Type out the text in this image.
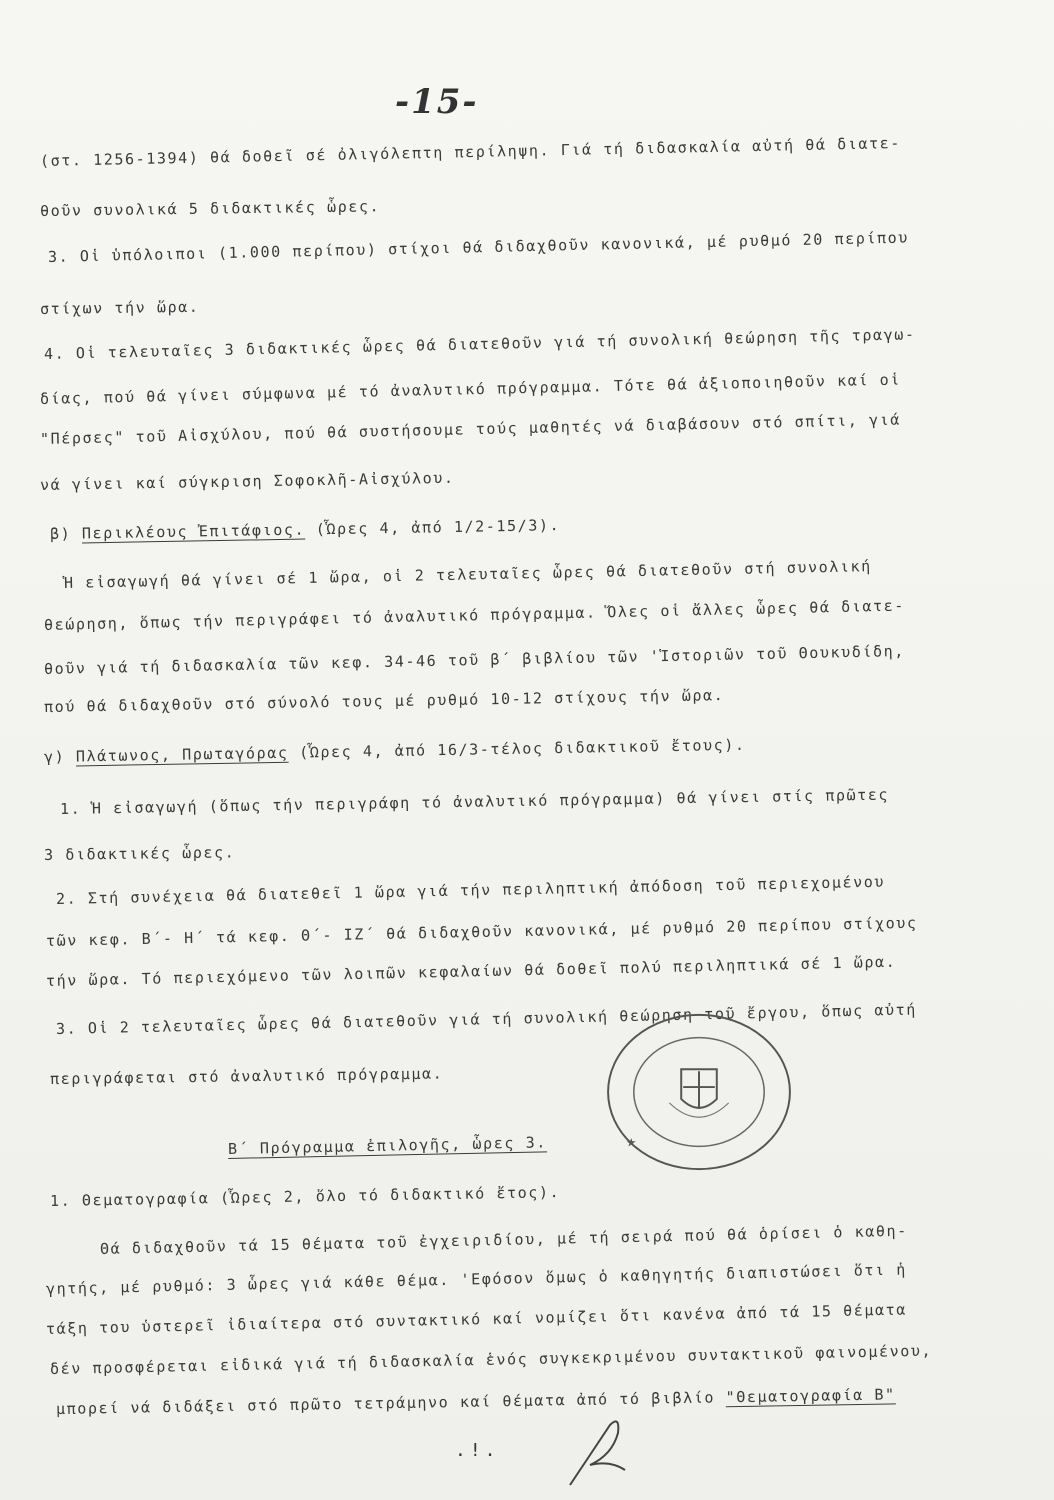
-15-
(στ. 1256-1394) θά δοθεῖ σέ ὀλιγόλεπτη περίληψη. Γιά τή διδασκαλία αὐτή θά διατε-
θοῦν συνολικά 5 διδακτικές ὧρες.
3. Οἱ ὑπόλοιποι (1.000 περίπου) στίχοι θά διδαχθοῦν κανονικά, μέ ρυθμό 20 περίπου
στίχων τήν ὥρα.
4. Οἱ τελευταῖες 3 διδακτικές ὧρες θά διατεθοῦν γιά τή συνολική θεώρηση τῆς τραγω-
δίας, πού θά γίνει σύμφωνα μέ τό ἀναλυτικό πρόγραμμα. Τότε θά ἀξιοποιηθοῦν καί οἱ
"Πέρσες" τοῦ Αἰσχύλου, πού θά συστήσουμε τούς μαθητές νά διαβάσουν στό σπίτι, γιά
νά γίνει καί σύγκριση Σοφοκλῆ-Αἰσχύλου.
β) Περικλέους Ἐπιτάφιος. (Ὧρες 4, ἀπό 1/2-15/3).
Ἡ εἰσαγωγή θά γίνει σέ 1 ὥρα, οἱ 2 τελευταῖες ὧρες θά διατεθοῦν στή συνολική
θεώρηση, ὅπως τήν περιγράφει τό ἀναλυτικό πρόγραμμα. Ὅλες οἱ ἄλλες ὧρες θά διατε-
θοῦν γιά τή διδασκαλία τῶν κεφ. 34-46 τοῦ β΄ βιβλίου τῶν 'Ἱστοριῶν τοῦ Θουκυδίδη,
πού θά διδαχθοῦν στό σύνολό τους μέ ρυθμό 10-12 στίχους τήν ὥρα.
γ) Πλάτωνος, Πρωταγόρας (Ὧρες 4, ἀπό 16/3-τέλος διδακτικοῦ ἔτους).
1. Ἡ εἰσαγωγή (ὅπως τήν περιγράφη τό ἀναλυτικό πρόγραμμα) θά γίνει στίς πρῶτες
3 διδακτικές ὧρες.
2. Στή συνέχεια θά διατεθεῖ 1 ὥρα γιά τήν περιληπτική ἀπόδοση τοῦ περιεχομένου
τῶν κεφ. Β΄- Η΄ τά κεφ. Θ΄- ΙΖ΄ θά διδαχθοῦν κανονικά, μέ ρυθμό 20 περίπου στίχους
τήν ὥρα. Τό περιεχόμενο τῶν λοιπῶν κεφαλαίων θά δοθεῖ πολύ περιληπτικά σέ 1 ὥρα.
3. Οἱ 2 τελευταῖες ὧρες θά διατεθοῦν γιά τή συνολική θεώρηση τοῦ ἔργου, ὅπως αὐτή
περιγράφεται στό ἀναλυτικό πρόγραμμα.
Β΄ Πρόγραμμα ἐπιλογῆς, ὧρες 3.
1. Θεματογραφία (Ὧρες 2, ὅλο τό διδακτικό ἔτος).
Θά διδαχθοῦν τά 15 θέματα τοῦ ἐγχειριδίου, μέ τή σειρά πού θά ὁρίσει ὁ καθη-
γητής, μέ ρυθμό: 3 ὧρες γιά κάθε θέμα. 'Εφόσον ὅμως ὁ καθηγητής διαπιστώσει ὅτι ἡ
τάξη του ὑστερεῖ ἰδιαίτερα στό συντακτικό καί νομίζει ὅτι κανένα ἀπό τά 15 θέματα
δέν προσφέρεται εἰδικά γιά τή διδασκαλία ἑνός συγκεκριμένου συντακτικοῦ φαινομένου,
μπορεί νά διδάξει στό πρῶτο τετράμηνο καί θέματα ἀπό τό βιβλίο "Θεματογραφία Β"
★
.!.
